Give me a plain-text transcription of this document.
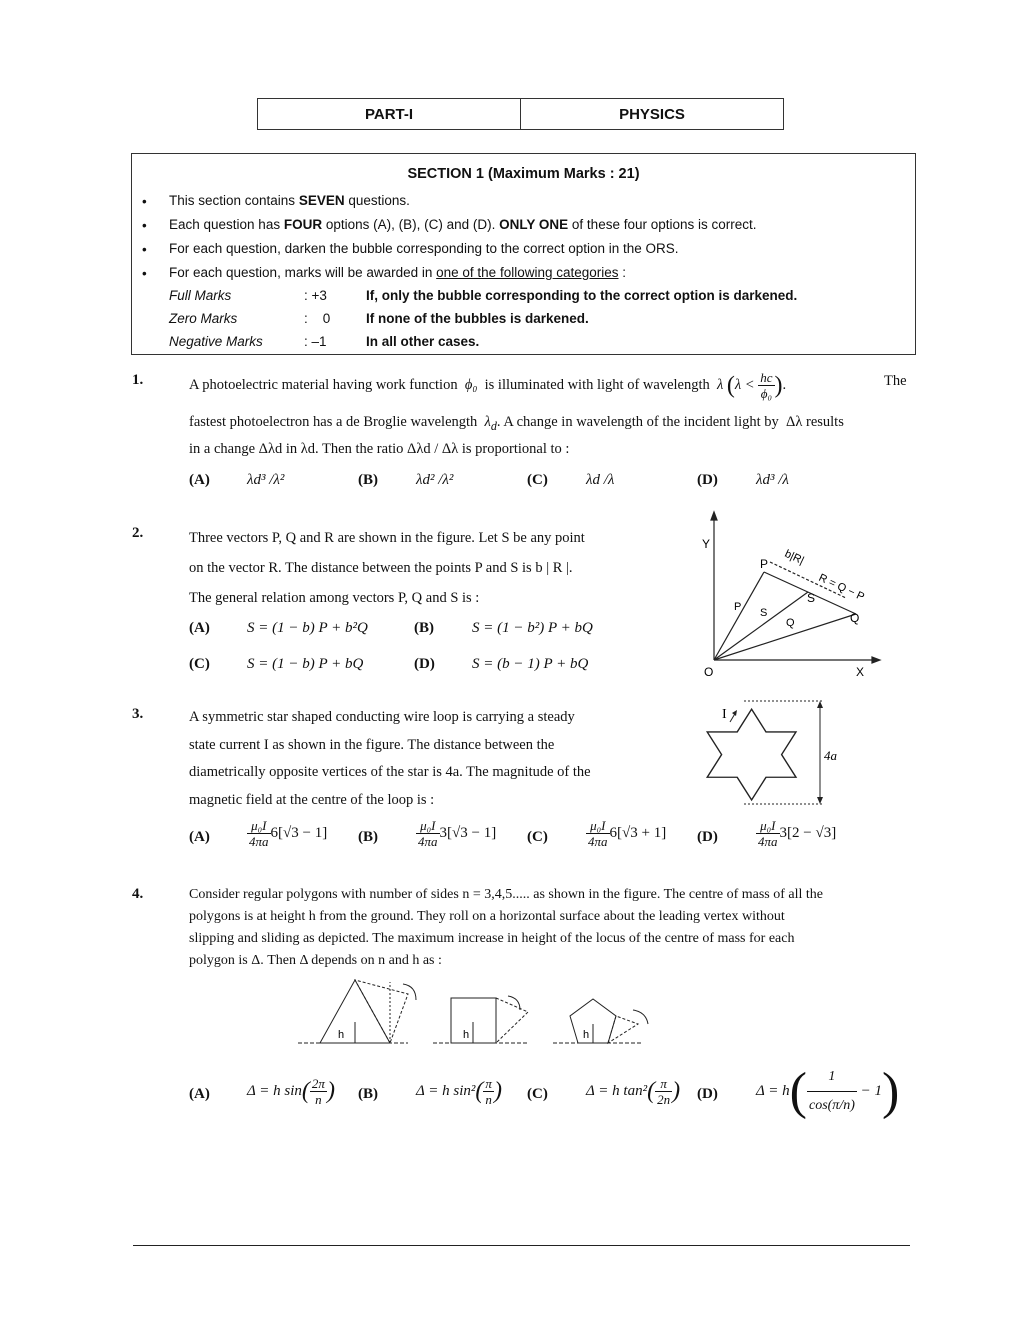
PART-I	PHYSICS
SECTION 1 (Maximum Marks : 21)
• This section contains SEVEN questions.
• Each question has FOUR options (A), (B), (C) and (D). ONLY ONE of these four options is correct.
• For each question, darken the bubble corresponding to the correct option in the ORS.
• For each question, marks will be awarded in one of the following categories :
Full Marks	: +3	If, only the bubble corresponding to the correct option is darkened.
Zero Marks	:    0	If none of the bubbles is darkened.
Negative Marks	: –1	In all other cases.
1.	A photoelectric material having work function ϕ₀ is illuminated with light of wavelength λ ($\lambda < \frac{hc}{\text{ϕ₀}}$ ).	The
fastest photoelectron has a de Broglie wavelength $\lambda_d$. A change in wavelength of the incident light by Δλ results
in a change Δλd in λd. Then the ratio Δλd / Δλ is proportional to :
(A) λd³ /λ²	(B)	λd² /λ²	(C)	λd /λ	(D)	λd³ /λ
2.	Three vectors P, Q and R are shown in the figure. Let S be any point
on the vector R. The distance between the points P and S is b | R |.
The general relation among vectors P, Q and S is :
(A) S = (1 − b) P + b²Q	(B)	S = (1 − b²) P + bQ
(C) S = (1 − b) P + bQ	(D) S = (b − 1) P + bQ
Y
X
O
P
Q
S
b|R|
R = Q − P
P S
Q
3.	A symmetric star shaped conducting wire loop is carrying a steady
state current I as shown in the figure. The distance between the
diametrically opposite vertices of the star is 4a. The magnitude of the
magnetic field at the centre of the loop is :
4a
I
(A)	$\frac{\text{μ₀I}}{4\pi a} 6[√3 - 1]$ (B)	$\frac{\text{μ₀I}}{4\pi a} 3[√3 - 1]$ (C)	$\frac{\text{μ₀I}}{4\pi a} 6[√3 + 1]$ (D)	$\frac{\text{μ₀I}}{4\pi a} 3[2 - √3]$
4.	Consider regular polygons with number of sides n = 3,4,5..... as shown in the figure. The centre of mass of all the
polygons is at height h from the ground. They roll on a horizontal surface about the leading vertex without
slipping and sliding as depicted. The maximum increase in height of the locus of the centre of mass for each
polygon is Δ. Then Δ depends on n and h as :
h	h	h
(A) Δ = h $\sin( \frac{2\pi}{n}$ ) (B)	Δ = h $\sin^2( \frac{\pi}{n}$ ) (C)	Δ = h $\tan^2( \frac{\pi}{2n}$ ) (D)	$\Delta = h( \frac{1}{\cos(\pi/n)} - 1)$
